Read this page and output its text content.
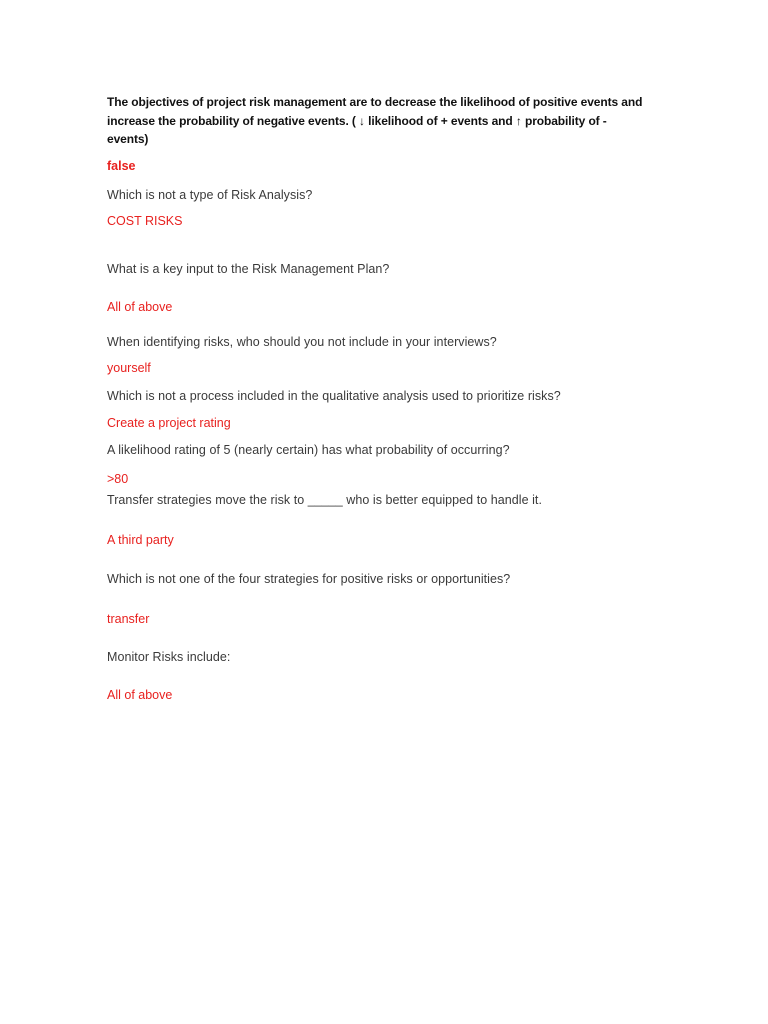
The objectives of project risk management are to decrease the likelihood of positive events and
increase the probability of negative events. ( ↓ likelihood of + events and ↑ probability of -
events)

false

Which is not a type of Risk Analysis?

COST RISKS

What is a key input to the Risk Management Plan?

All of above

When identifying risks, who should you not include in your interviews?

yourself

Which is not a process included in the qualitative analysis used to prioritize risks?

Create a project rating

A likelihood rating of 5 (nearly certain) has what probability of occurring?

>80

Transfer strategies move the risk to _____ who is better equipped to handle it.

A third party

Which is not one of the four strategies for positive risks or opportunities?

transfer

Monitor Risks include:

All of above
